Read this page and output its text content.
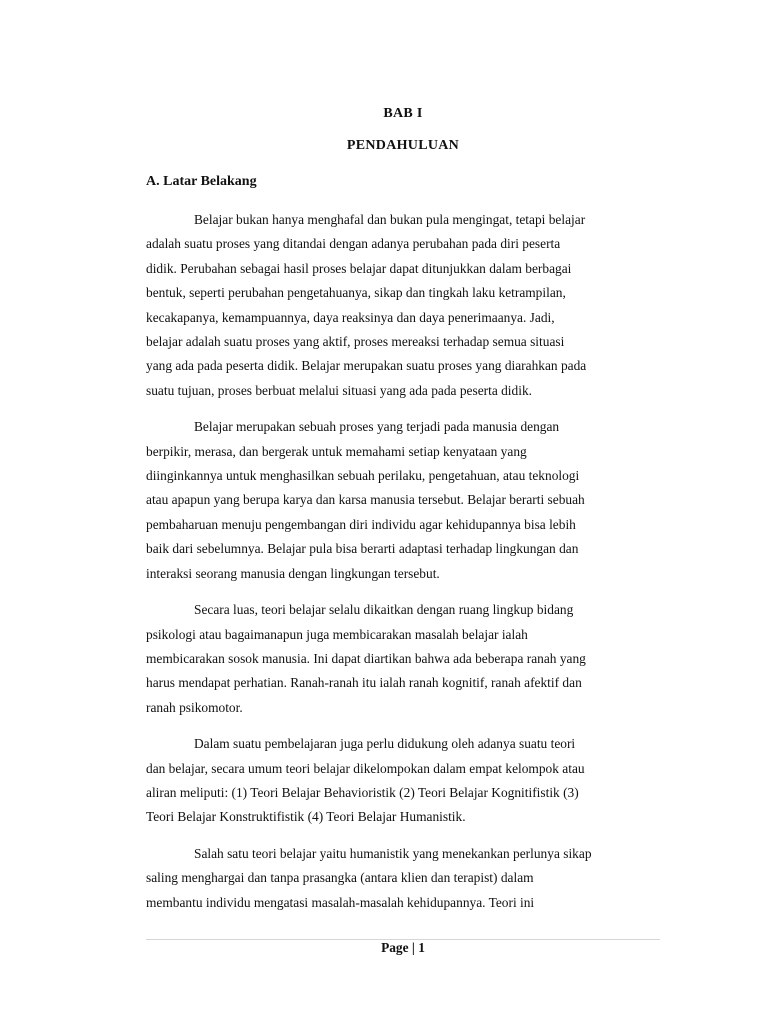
BAB I
PENDAHULUAN
A. Latar Belakang

Belajar bukan hanya menghafal dan bukan pula mengingat, tetapi belajar
adalah suatu proses yang ditandai dengan adanya perubahan pada diri peserta
didik. Perubahan sebagai hasil proses belajar dapat ditunjukkan dalam berbagai
bentuk, seperti perubahan pengetahuanya, sikap dan tingkah laku ketrampilan,
kecakapanya, kemampuannya, daya reaksinya dan daya penerimaanya. Jadi,
belajar adalah suatu proses yang aktif, proses mereaksi terhadap semua situasi
yang ada pada peserta didik. Belajar merupakan suatu proses yang diarahkan pada
suatu tujuan, proses berbuat melalui situasi yang ada pada peserta didik.

Belajar merupakan sebuah proses yang terjadi pada manusia dengan
berpikir, merasa, dan bergerak untuk memahami setiap kenyataan yang
diinginkannya untuk menghasilkan sebuah perilaku, pengetahuan, atau teknologi
atau apapun yang berupa karya dan karsa manusia tersebut. Belajar berarti sebuah
pembaharuan menuju pengembangan diri individu agar kehidupannya bisa lebih
baik dari sebelumnya. Belajar pula bisa berarti adaptasi terhadap lingkungan dan
interaksi seorang manusia dengan lingkungan tersebut.

Secara luas, teori belajar selalu dikaitkan dengan ruang lingkup bidang
psikologi atau bagaimanapun juga membicarakan masalah belajar ialah
membicarakan sosok manusia. Ini dapat diartikan bahwa ada beberapa ranah yang
harus mendapat perhatian. Ranah-ranah itu ialah ranah kognitif, ranah afektif dan
ranah psikomotor.

Dalam suatu pembelajaran juga perlu didukung oleh adanya suatu teori
dan belajar, secara umum teori belajar dikelompokan dalam empat kelompok atau
aliran meliputi: (1) Teori Belajar Behavioristik (2) Teori Belajar Kognitifistik (3)
Teori Belajar Konstruktifistik (4) Teori Belajar Humanistik.

Salah satu teori belajar yaitu humanistik yang menekankan perlunya sikap
saling menghargai dan tanpa prasangka (antara klien dan terapist) dalam
membantu individu mengatasi masalah-masalah kehidupannya. Teori ini

Page | 1
